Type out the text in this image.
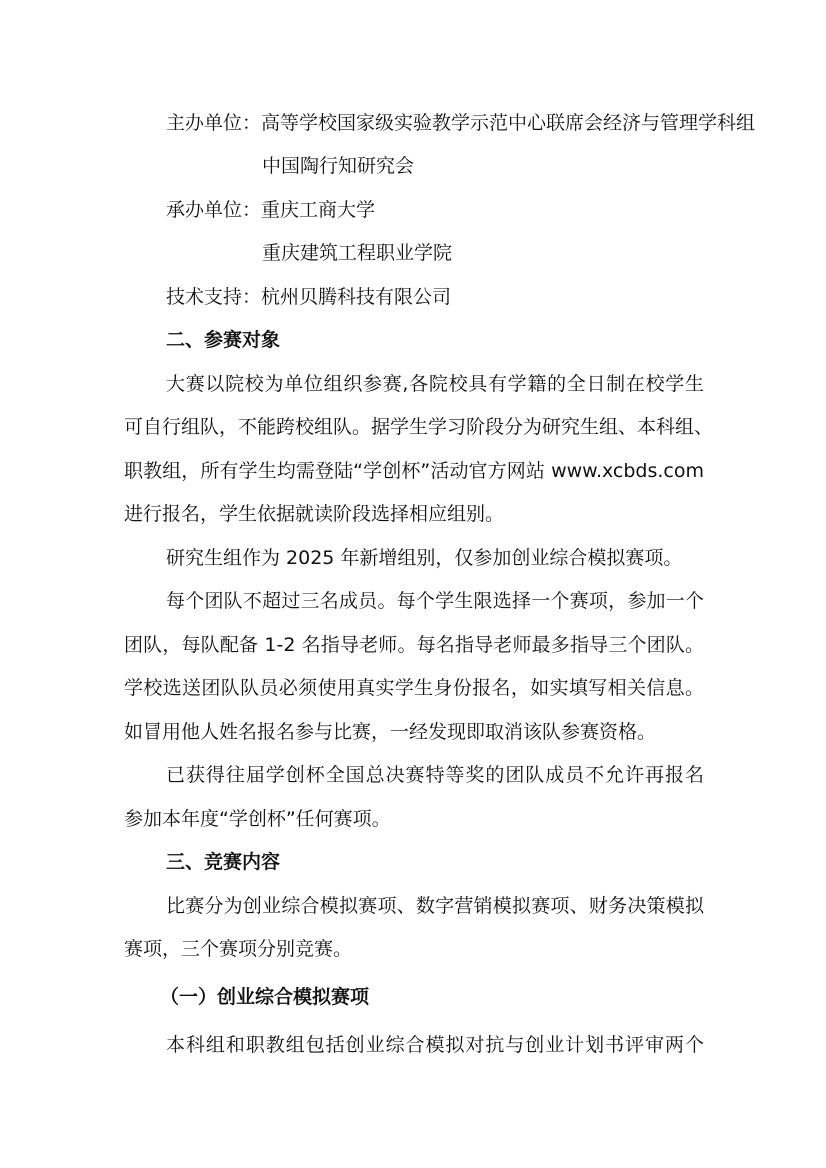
主办单位：高等学校国家级实验教学示范中心联席会经济与管理学科组
中国陶行知研究会
承办单位：重庆工商大学
重庆建筑工程职业学院
技术支持：杭州贝腾科技有限公司
二、参赛对象
大赛以院校为单位组织参赛,各院校具有学籍的全日制在校学生
可自行组队，不能跨校组队。据学生学习阶段分为研究生组、本科组、
职教组，所有学生均需登陆“学创杯”活动官方网站 www.xcbds.com
进行报名，学生依据就读阶段选择相应组别。
研究生组作为 2025 年新增组别，仅参加创业综合模拟赛项。
每个团队不超过三名成员。每个学生限选择一个赛项，参加一个
团队，每队配备 1-2 名指导老师。每名指导老师最多指导三个团队。
学校选送团队队员必须使用真实学生身份报名，如实填写相关信息。
如冒用他人姓名报名参与比赛，一经发现即取消该队参赛资格。
已获得往届学创杯全国总决赛特等奖的团队成员不允许再报名
参加本年度“学创杯”任何赛项。
三、竞赛内容
比赛分为创业综合模拟赛项、数字营销模拟赛项、财务决策模拟
赛项，三个赛项分别竞赛。
（一）创业综合模拟赛项
本科组和职教组包括创业综合模拟对抗与创业计划书评审两个
